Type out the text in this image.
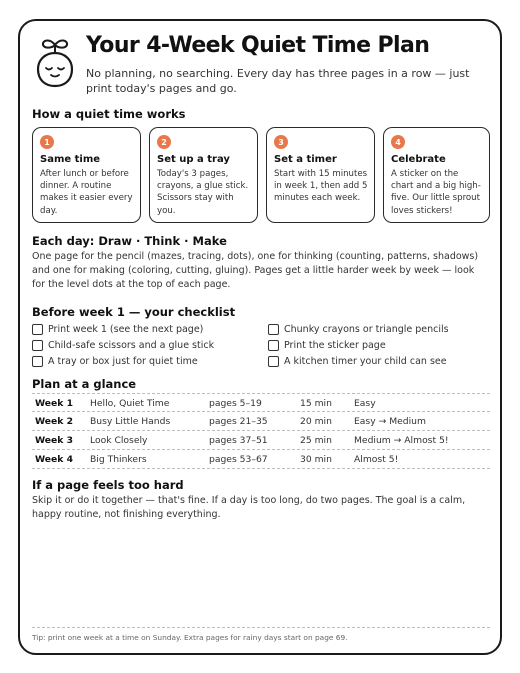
Your 4-Week Quiet Time Plan
No planning, no searching. Every day has three pages in a row — just print today's pages and go.
How a quiet time works
1
Same time
After lunch or before dinner. A routine makes it easier every day.
2
Set up a tray
Today's 3 pages, crayons, a glue stick. Scissors stay with you.
3
Set a timer
Start with 15 minutes in week 1, then add 5 minutes each week.
4
Celebrate
A sticker on the chart and a big high-five. Our little sprout loves stickers!
Each day: Draw · Think · Make
One page for the pencil (mazes, tracing, dots), one for thinking (counting, patterns, shadows) and one for making (coloring, cutting, gluing). Pages get a little harder week by week — look for the level dots at the top of each page.
Before week 1 — your checklist
Print week 1 (see the next page)
Child-safe scissors and a glue stick
A tray or box just for quiet time
Chunky crayons or triangle pencils
Print the sticker page
A kitchen timer your child can see
Plan at a glance
Week 1 Hello, Quiet Time	pages 5–19	15 min Easy
Week 2 Busy Little Hands	pages 21–35	20 min Easy → Medium
Week 3 Look Closely	pages 37–51	25 min Medium → Almost 5!
Week 4 Big Thinkers	pages 53–67	30 min Almost 5!
If a page feels too hard
Skip it or do it together — that's fine. If a day is too long, do two pages. The goal is a calm, happy routine, not finishing everything.
Tip: print one week at a time on Sunday. Extra pages for rainy days start on page 69.
